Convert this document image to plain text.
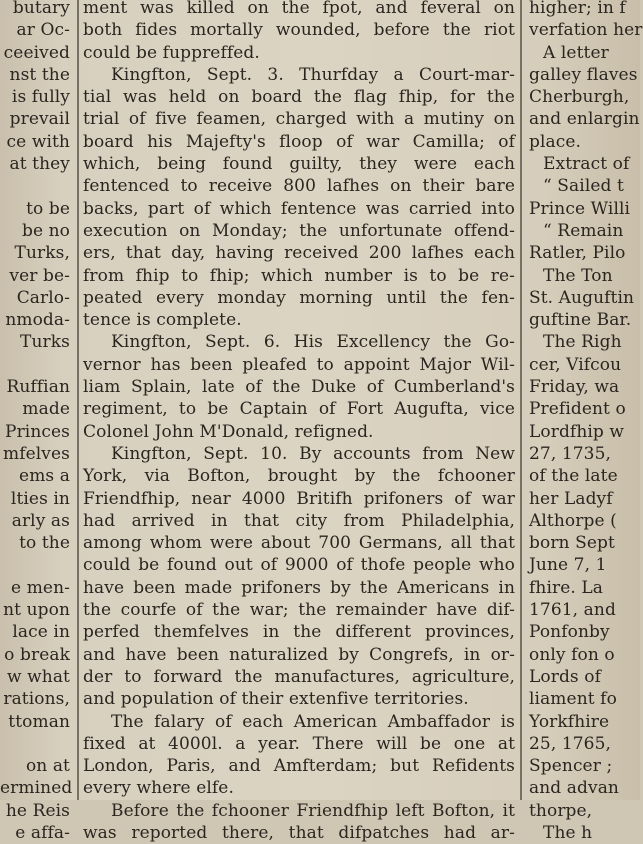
butary
ar Oc-
ceeived
nst the
is fully
prevail
ce with
at they
to be
be no
Turks,
ver be-
Carlo-
nmoda-
Turks
Ruffian
made
Princes
mfelves
ems a
lties in
arly as
to the
e men-
nt upon
lace in
o break
w what
rations,
ttoman
on at
ermined
he Reis
e affa-
ment was killed on the fpot, and feveral on
both fides mortally wounded, before the riot
could be fuppreffed.
Kingfton, Sept. 3. Thurfday a Court-mar-
tial was held on board the flag fhip, for the
trial of five feamen, charged with a mutiny on
board his Majefty's floop of war Camilla; of
which, being found guilty, they were each
fentenced to receive 800 lafhes on their bare
backs, part of which fentence was carried into
execution on Monday; the unfortunate offend-
ers, that day, having received 200 lafhes each
from fhip to fhip; which number is to be re-
peated every monday morning until the fen-
tence is complete.
Kingfton, Sept. 6. His Excellency the Go-
vernor has been pleafed to appoint Major Wil-
liam Splain, late of the Duke of Cumberland's
regiment, to be Captain of Fort Augufta, vice
Colonel John M'Donald, refigned.
Kingfton, Sept. 10. By accounts from New
York, via Bofton, brought by the fchooner
Friendfhip, near 4000 Britifh prifoners of war
had arrived in that city from Philadelphia,
among whom were about 700 Germans, all that
could be found out of 9000 of thofe people who
have been made prifoners by the Americans in
the courfe of the war; the remainder have dif-
perfed themfelves in the different provinces,
and have been naturalized by Congrefs, in or-
der to forward the manufactures, agriculture,
and population of their extenfive territories.
The falary of each American Ambaffador is
fixed at 4000l. a year. There will be one at
London, Paris, and Amfterdam; but Refidents
every where elfe.
Before the fchooner Friendfhip left Bofton, it
was reported there, that difpatches had ar-
higher; in f
verfation her
A letter
galley flaves
Cherburgh,
and enlargin
place.
Extract of
“ Sailed t
Prince Willi
“ Remain
Ratler, Pilo
The Ton
St. Auguftin
guftine Bar.
The Righ
cer, Vifcou
Friday, wa
Prefident o
Lordfhip w
27, 1735,
of the late
her Ladyf
Althorpe (
born Sept
June 7, 1
fhire. La
1761, and
Ponfonby
only fon o
Lords of
liament fo
Yorkfhire
25, 1765,
Spencer ;
and advan
thorpe,
The h
